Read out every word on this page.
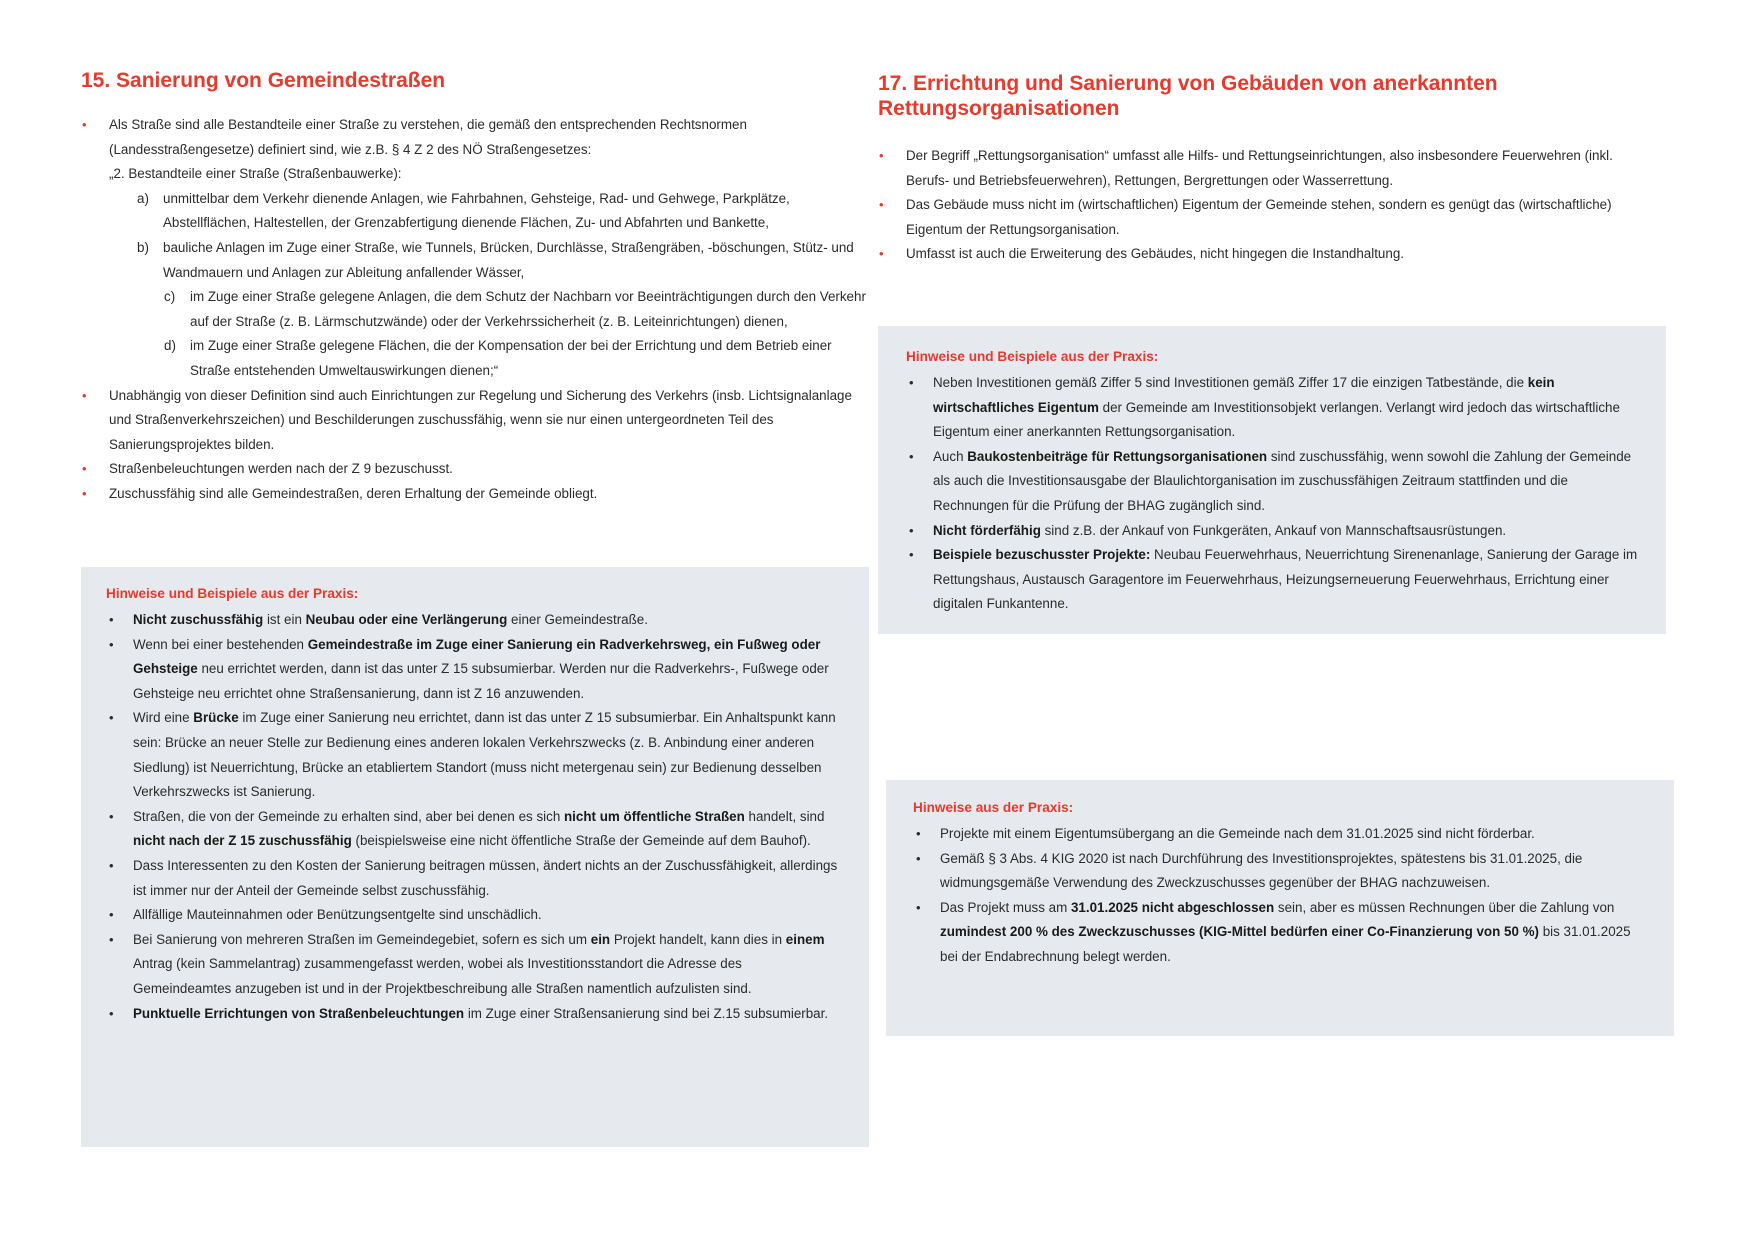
15. Sanierung von Gemeindestraßen
• Als Straße sind alle Bestandteile einer Straße zu verstehen, die gemäß den entsprechenden Rechtsnormen (Landesstraßengesetze) definiert sind, wie z.B. § 4 Z 2 des NÖ Straßengesetzes:
„2. Bestandteile einer Straße (Straßenbauwerke):
a) unmittelbar dem Verkehr dienende Anlagen, wie Fahrbahnen, Gehsteige, Rad- und Gehwege, Parkplätze, Abstellflächen, Haltestellen, der Grenzabfertigung dienende Flächen, Zu- und Abfahrten und Bankette,
b) bauliche Anlagen im Zuge einer Straße, wie Tunnels, Brücken, Durchlässe, Straßengräben, -böschungen, Stütz- und Wandmauern und Anlagen zur Ableitung anfallender Wässer,
c) im Zuge einer Straße gelegene Anlagen, die dem Schutz der Nachbarn vor Beeinträchtigungen durch den Verkehr auf der Straße (z. B. Lärmschutzwände) oder der Verkehrssicherheit (z. B. Leiteinrichtungen) dienen,
d) im Zuge einer Straße gelegene Flächen, die der Kompensation der bei der Errichtung und dem Betrieb einer Straße entstehenden Umweltauswirkungen dienen;“
• Unabhängig von dieser Definition sind auch Einrichtungen zur Regelung und Sicherung des Verkehrs (insb. Lichtsignalanlage und Straßenverkehrszeichen) und Beschilderungen zuschussfähig, wenn sie nur einen untergeordneten Teil des Sanierungsprojektes bilden.
• Straßenbeleuchtungen werden nach der Z 9 bezuschusst.
• Zuschussfähig sind alle Gemeindestraßen, deren Erhaltung der Gemeinde obliegt.
Hinweise und Beispiele aus der Praxis:
• Nicht zuschussfähig ist ein Neubau oder eine Verlängerung einer Gemeindestraße.
• Wenn bei einer bestehenden Gemeindestraße im Zuge einer Sanierung ein Radverkehrsweg, ein Fußweg oder Gehsteige neu errichtet werden, dann ist das unter Z 15 subsumierbar. Werden nur die Radverkehrs-, Fußwege oder Gehsteige neu errichtet ohne Straßensanierung, dann ist Z 16 anzuwenden.
• Wird eine Brücke im Zuge einer Sanierung neu errichtet, dann ist das unter Z 15 subsumierbar. Ein Anhaltspunkt kann sein: Brücke an neuer Stelle zur Bedienung eines anderen lokalen Verkehrszwecks (z. B. Anbindung einer anderen Siedlung) ist Neuerrichtung, Brücke an etabliertem Standort (muss nicht metergenau sein) zur Bedienung desselben Verkehrszwecks ist Sanierung.
• Straßen, die von der Gemeinde zu erhalten sind, aber bei denen es sich nicht um öffentliche Straßen handelt, sind nicht nach der Z 15 zuschussfähig (beispielsweise eine nicht öffentliche Straße der Gemeinde auf dem Bauhof).
• Dass Interessenten zu den Kosten der Sanierung beitragen müssen, ändert nichts an der Zuschussfähigkeit, allerdings ist immer nur der Anteil der Gemeinde selbst zuschussfähig.
• Allfällige Mauteinnahmen oder Benützungsentgelte sind unschädlich.
• Bei Sanierung von mehreren Straßen im Gemeindegebiet, sofern es sich um ein Projekt handelt, kann dies in einem Antrag (kein Sammelantrag) zusammengefasst werden, wobei als Investitionsstandort die Adresse des Gemeindeamtes anzugeben ist und in der Projektbeschreibung alle Straßen namentlich aufzulisten sind.
• Punktuelle Errichtungen von Straßenbeleuchtungen im Zuge einer Straßensanierung sind bei Z.15 subsumierbar.
17. Errichtung und Sanierung von Gebäuden von anerkannten Rettungsorganisationen
• Der Begriff „Rettungsorganisation“ umfasst alle Hilfs- und Rettungseinrichtungen, also insbesondere Feuerwehren (inkl. Berufs- und Betriebsfeuerwehren), Rettungen, Bergrettungen oder Wasserrettung.
• Das Gebäude muss nicht im (wirtschaftlichen) Eigentum der Gemeinde stehen, sondern es genügt das (wirtschaftliche) Eigentum der Rettungsorganisation.
• Umfasst ist auch die Erweiterung des Gebäudes, nicht hingegen die Instandhaltung.
Hinweise und Beispiele aus der Praxis:
• Neben Investitionen gemäß Ziffer 5 sind Investitionen gemäß Ziffer 17 die einzigen Tatbestände, die kein wirtschaftliches Eigentum der Gemeinde am Investitionsobjekt verlangen. Verlangt wird jedoch das wirtschaftliche Eigentum einer anerkannten Rettungsorganisation.
• Auch Baukostenbeiträge für Rettungsorganisationen sind zuschussfähig, wenn sowohl die Zahlung der Gemeinde als auch die Investitionsausgabe der Blaulichtorganisation im zuschussfähigen Zeitraum stattfinden und die Rechnungen für die Prüfung der BHAG zugänglich sind.
• Nicht förderfähig sind z.B. der Ankauf von Funkgeräten, Ankauf von Mannschaftsausrüstungen.
• Beispiele bezuschusster Projekte: Neubau Feuerwehrhaus, Neuerrichtung Sirenenanlage, Sanierung der Garage im Rettungshaus, Austausch Garagentore im Feuerwehrhaus, Heizungserneuerung Feuerwehrhaus, Errichtung einer digitalen Funkantenne.
Hinweise aus der Praxis:
• Projekte mit einem Eigentumsübergang an die Gemeinde nach dem 31.01.2025 sind nicht förderbar.
• Gemäß § 3 Abs. 4 KIG 2020 ist nach Durchführung des Investitionsprojektes, spätestens bis 31.01.2025, die widmungsgemäße Verwendung des Zweckzuschusses gegenüber der BHAG nachzuweisen.
• Das Projekt muss am 31.01.2025 nicht abgeschlossen sein, aber es müssen Rechnungen über die Zahlung von zumindest 200 % des Zweckzuschusses (KIG-Mittel bedürfen einer Co-Finanzierung von 50 %) bis 31.01.2025 bei der Endabrechnung belegt werden.
